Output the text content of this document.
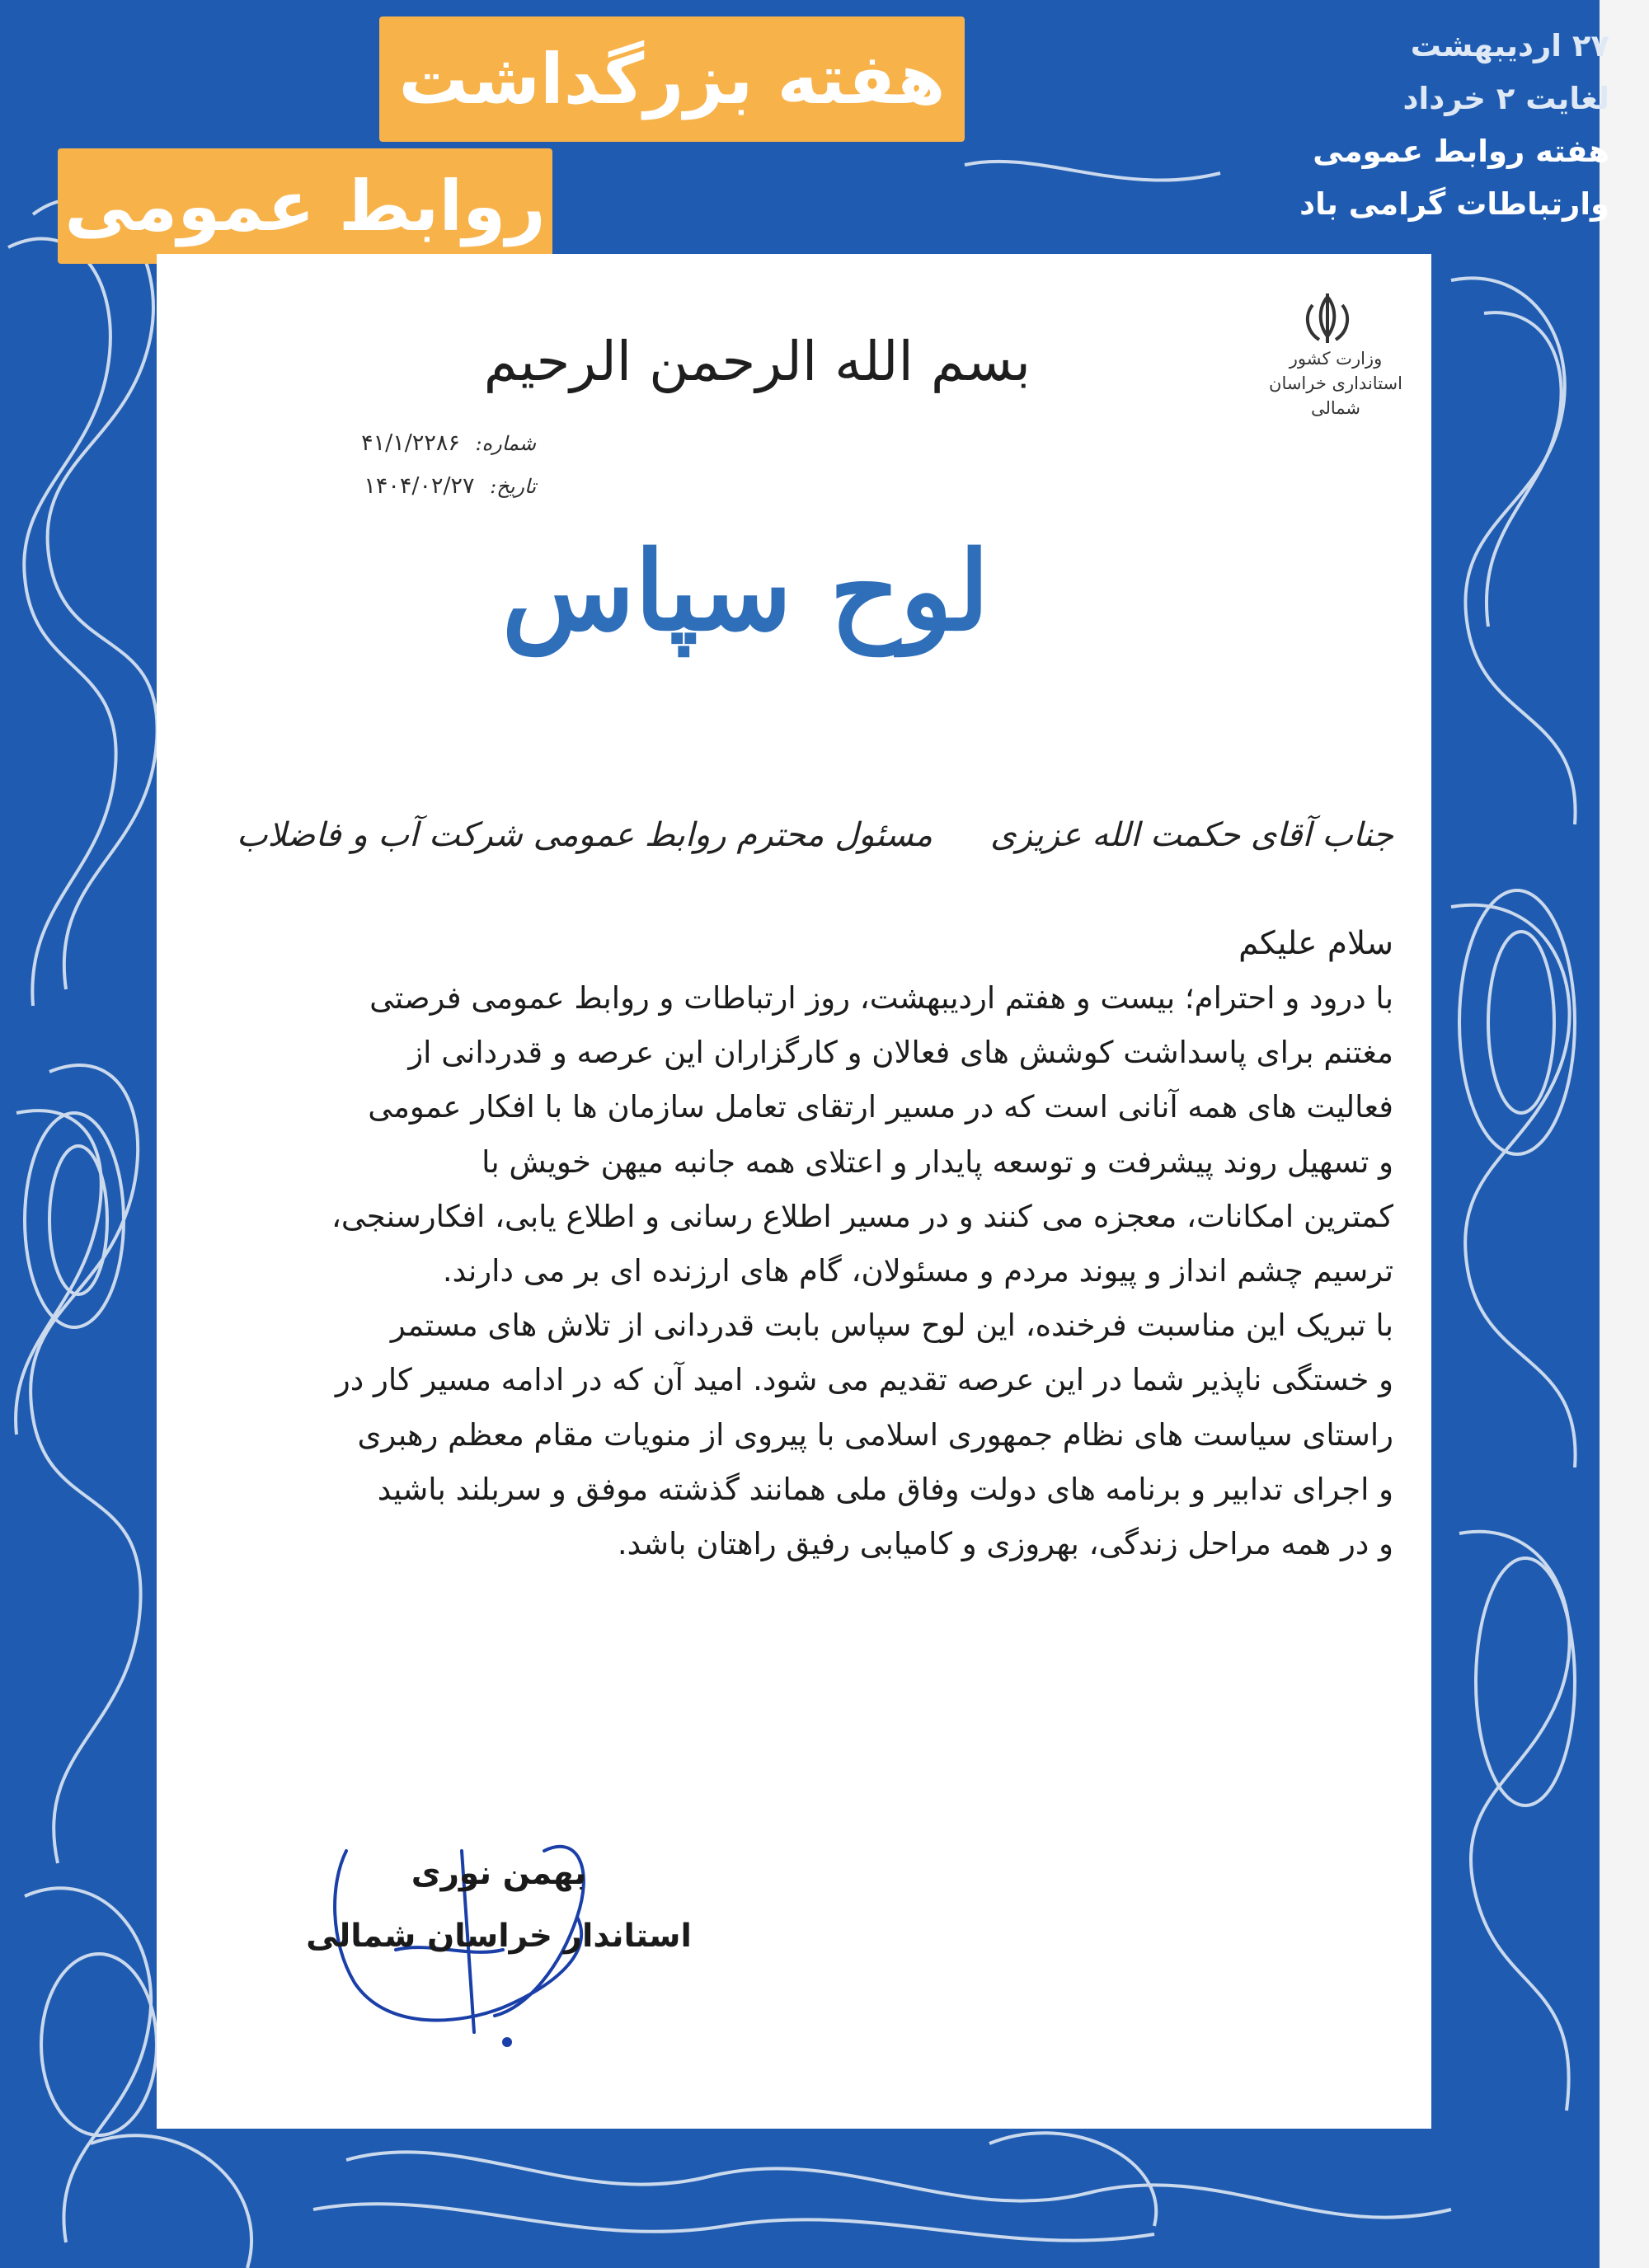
هفته بزرگداشت
روابط عمومی
۲۷ اردیبهشت
لغایت ۲ خرداد
هفته روابط عمومی
وارتباطات گرامی باد
وزارت کشور
استانداری خراسان شمالی
بسم الله الرحمن الرحیم
شماره: ۴۱/۱/۲۲۸۶
تاریخ: ۱۴۰۴/۰۲/۲۷
لوح سپاس
جناب آقای حکمت الله عزیزیمسئول محترم روابط عمومی شرکت آب و فاضلاب
سلام علیکم
با درود و احترام؛ بیست و هفتم اردیبهشت، روز ارتباطات و روابط عمومی فرصتی
مغتنم برای پاسداشت کوشش های فعالان و کارگزاران این عرصه و قدردانی از
فعالیت های همه آنانی است که در مسیر ارتقای تعامل سازمان ها با افکار عمومی
و تسهیل روند پیشرفت و توسعه پایدار و اعتلای همه جانبه میهن خویش با
کمترین امکانات، معجزه می کنند و در مسیر اطلاع رسانی و اطلاع یابی، افکارسنجی،
ترسیم چشم انداز و پیوند مردم و مسئولان، گام های ارزنده ای بر می دارند.
با تبریک این مناسبت فرخنده، این لوح سپاس بابت قدردانی از تلاش های مستمر
و خستگی ناپذیر شما در این عرصه تقدیم می شود. امید آن که در ادامه مسیر کار در
راستای سیاست های نظام جمهوری اسلامی با پیروی از منویات مقام معظم رهبری
و اجرای تدابیر و برنامه های دولت وفاق ملی همانند گذشته موفق و سربلند باشید
و در همه مراحل زندگی، بهروزی و کامیابی رفیق راهتان باشد.
بهمن نوری
استاندار خراسان شمالی
